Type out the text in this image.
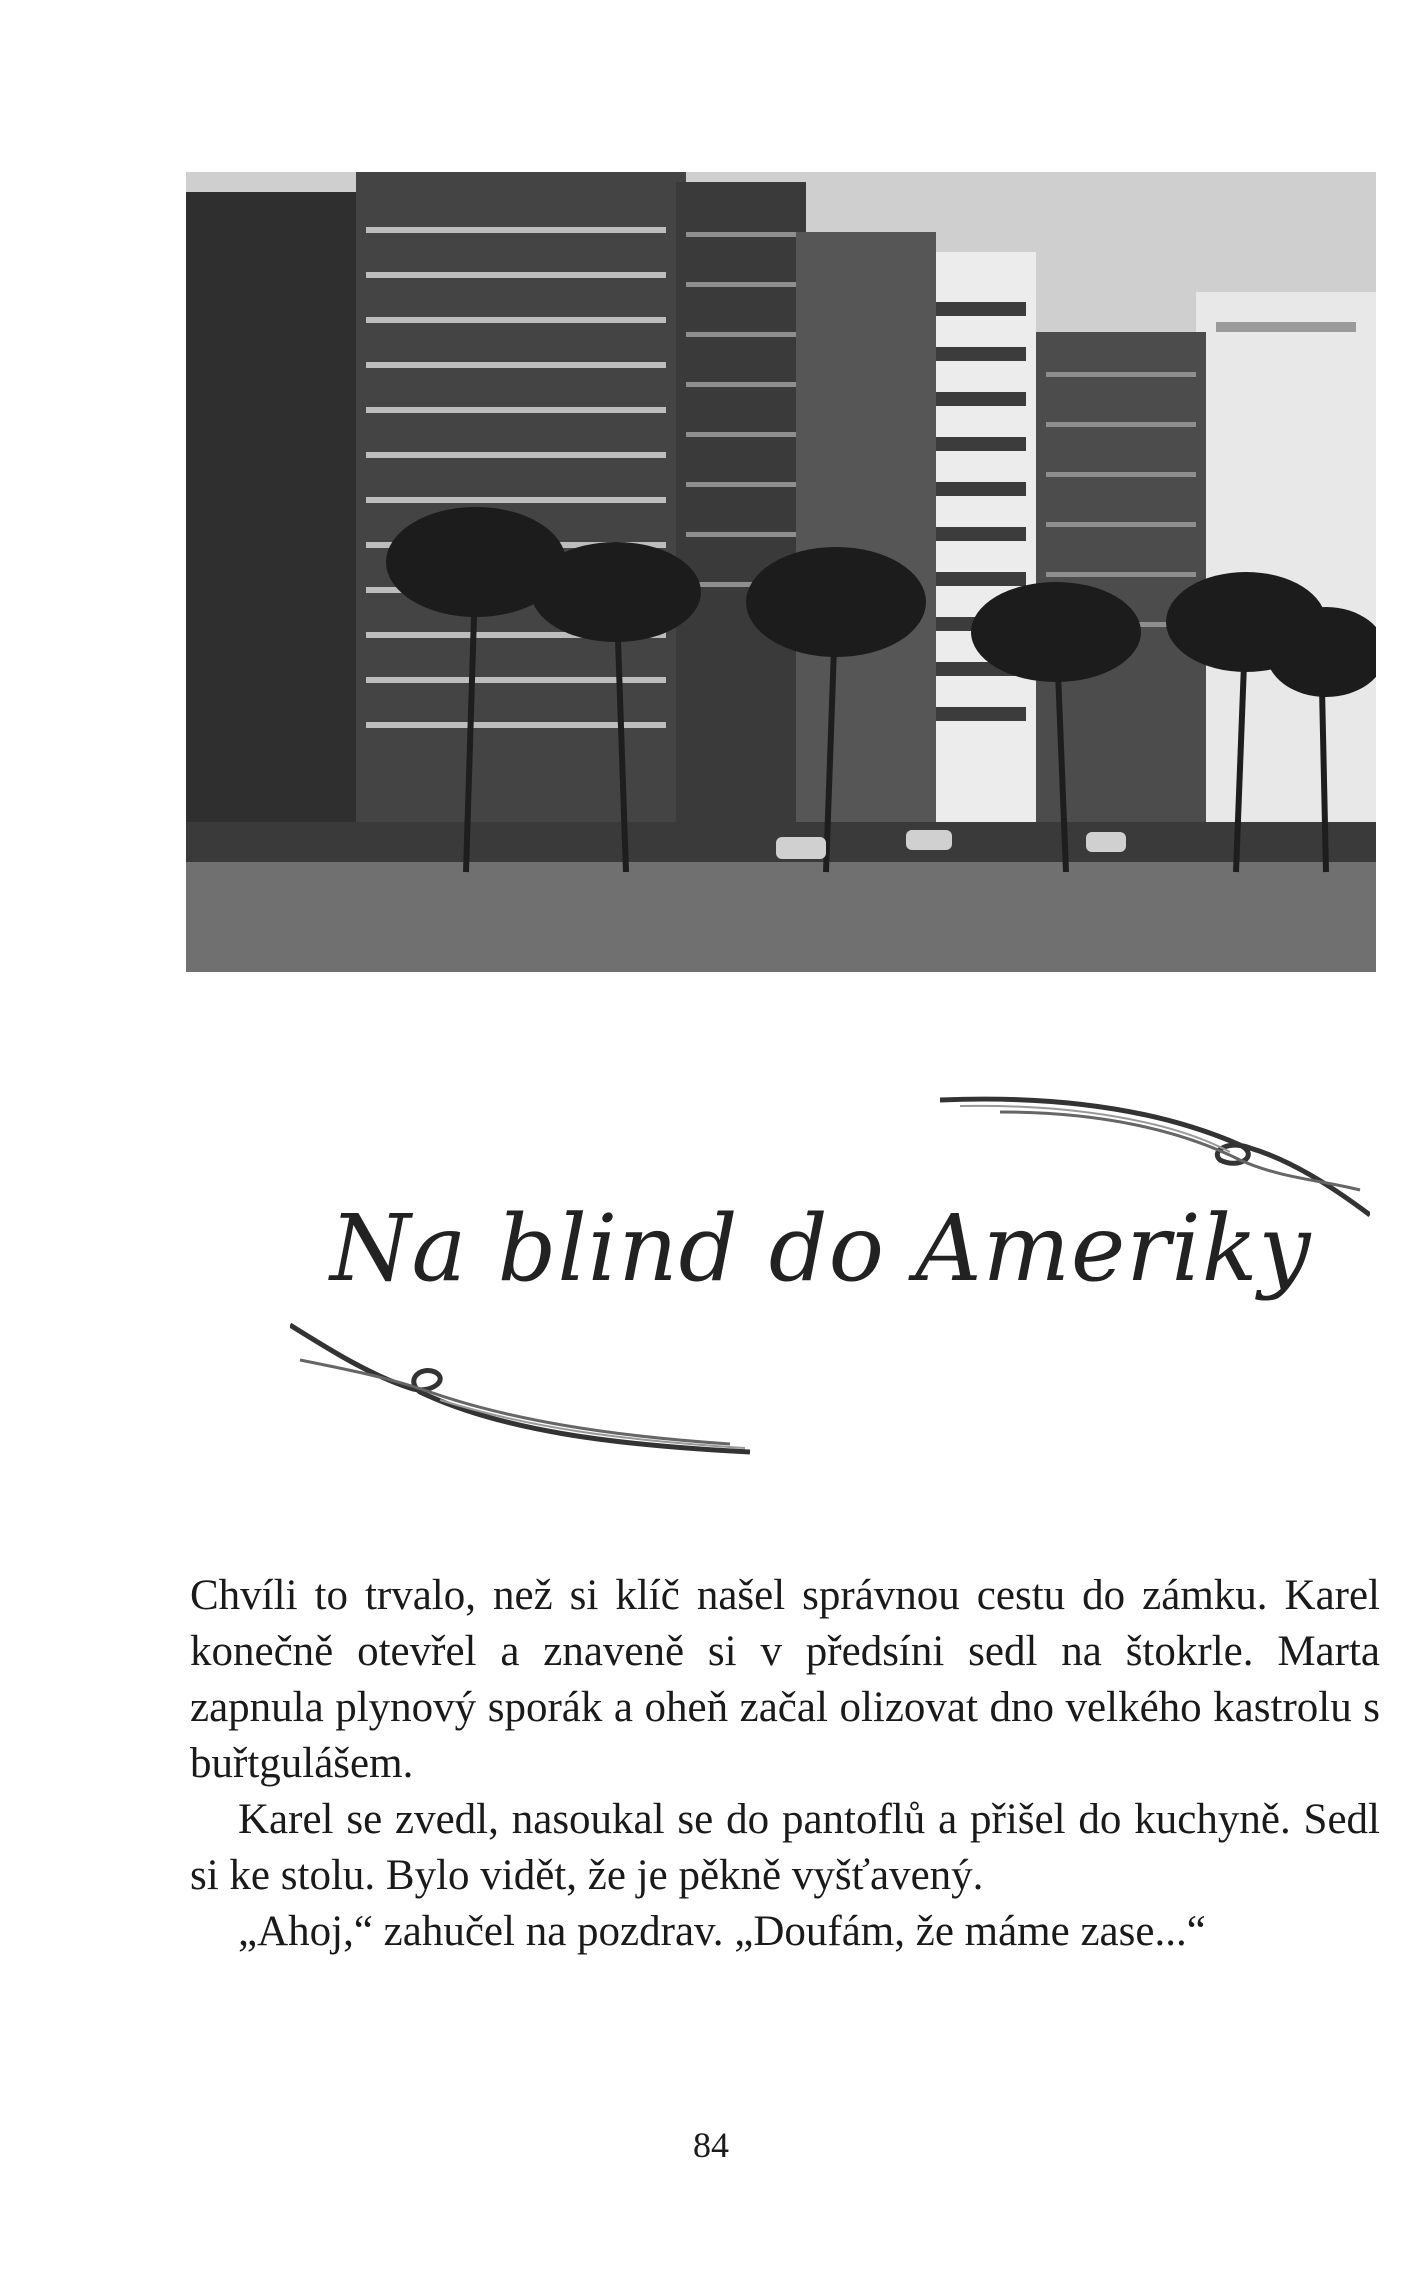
Na blind do Ameriky

Chvíli to trvalo, než si klíč našel správnou cestu do zámku. Karel konečně otevřel a znaveně si v předsíni sedl na štokrle. Marta zapnula plynový sporák a oheň začal olizovat dno velkého kastrolu s buřtgulášem.

Karel se zvedl, nasoukal se do pantoflů a přišel do kuchyně. Sedl si ke stolu. Bylo vidět, že je pěkně vyšťavený.

„Ahoj,“ zahučel na pozdrav. „Doufám, že máme zase...“

84
